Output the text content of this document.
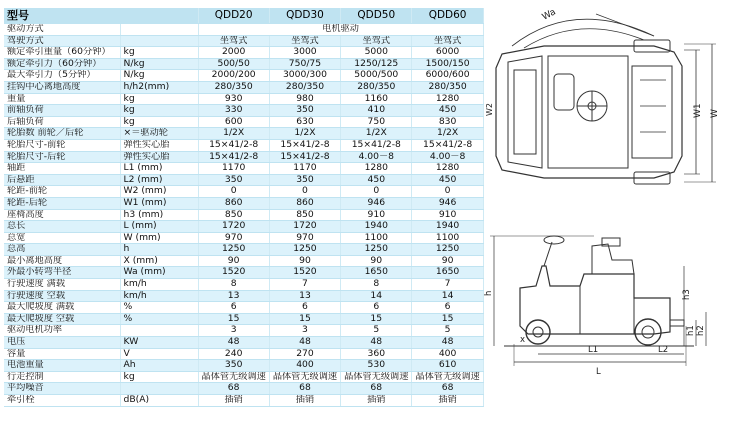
型号		QDD20	QDD30	QDD50	QDD60
驱动方式		电机驱动			
驾驶方式		坐驾式	坐驾式	坐驾式	坐驾式
额定牵引重量（60分钟）	kg	2000	3000	5000	6000
额定牵引力（60分钟）	N/kg	500/50	750/75	1250/125	1500/150
最大牵引力（5分钟）	N/kg	2000/200	3000/300	5000/500	6000/600
挂钩中心离地高度	h/h2(mm)	280/350	280/350	280/350	280/350
重量	kg	930	980	1160	1280
前轴负荷	kg	330	350	410	450
后轴负荷	kg	600	630	750	830
轮胎数 前轮／后轮	×＝驱动轮	1/2X	1/2X	1/2X	1/2X
轮胎尺寸-前轮	弹性实心胎	15×41/2-8	15×41/2-8	15×41/2-8	15×41/2-8
轮胎尺寸-后轮	弹性实心胎	15×41/2-8	15×41/2-8	4.00－8	4.00－8
轴距	L1 (mm)	1170	1170	1280	1280
后悬距	L2 (mm)	350	350	450	450
轮距-前轮	W2 (mm)	0	0	0	0
轮距-后轮	W1 (mm)	860	860	946	946
座椅高度	h3 (mm)	850	850	910	910
总长	L (mm)	1720	1720	1940	1940
总宽	W (mm)	970	970	1100	1100
总高	h	1250	1250	1250	1250
最小离地高度	X (mm)	90	90	90	90
外最小转弯半径	Wa (mm)	1520	1520	1650	1650
行驶速度 满载	km/h	8	7	8	7
行驶速度 空载	km/h	13	13	14	14
最大爬坡度 满载	%	6	6	6	6
最大爬坡度 空载	%	15	15	15	15
驱动电机功率		3	3	5	5
电压	KW	48	48	48	48
容量	V	240	270	360	400
电池重量	Ah	350	400	530	610
行走控制	kg	晶体管无级调速	晶体管无级调速	晶体管无级调速	晶体管无级调速
平均噪音		68	68	68	68
牵引栓	dB(A)	插销	插销	插销	插销
Wa
W1 W
W2
h	h3
h1 h2
x
L
L1	L2
